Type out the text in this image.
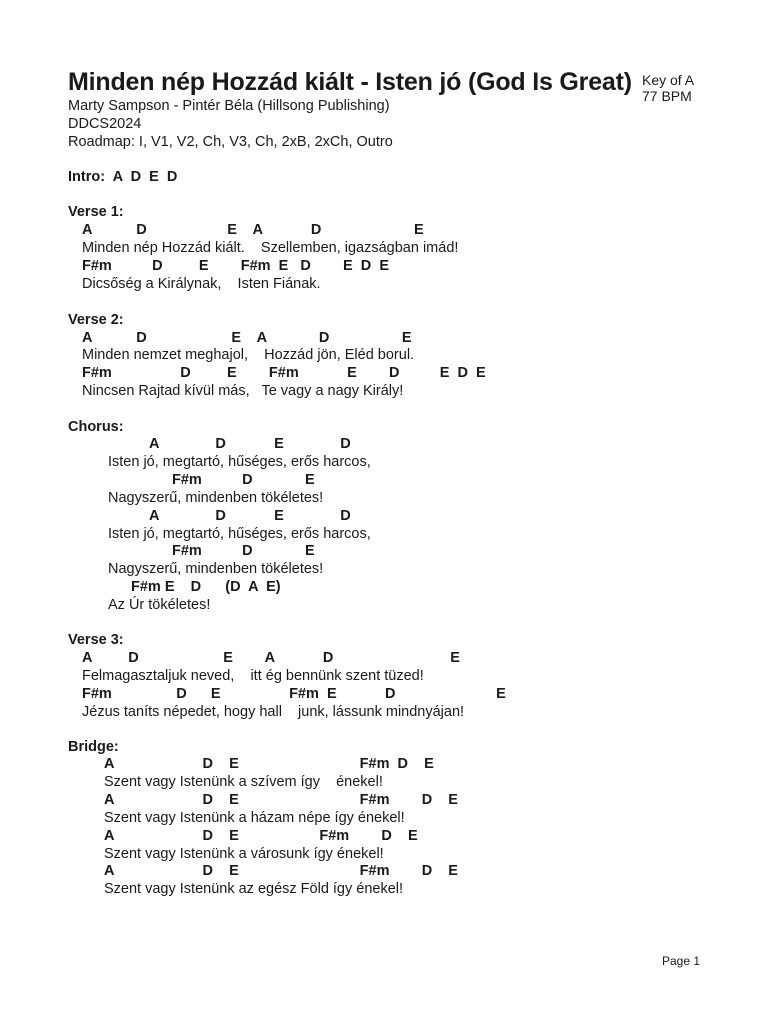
Minden nép Hozzád kiált - Isten jó (God Is Great) Key of A
77 BPM
Marty Sampson - Pintér Béla (Hillsong Publishing)
DDCS2024
Roadmap: I, V1, V2, Ch, V3, Ch, 2xB, 2xCh, Outro
Intro: A  D  E  D
Verse 1:
A           D                    E    A            D                       E
Minden nép Hozzád kiált.    Szellemben, igazságban imád!
F#m          D         E        F#m  E   D        E  D  E
Dicsőség a Királynak,    Isten Fiának.
Verse 2:
A           D                     E    A             D                  E
Minden nemzet meghajol,    Hozzád jön, Eléd borul.
F#m                 D         E        F#m            E        D          E  D  E
Nincsen Rajtad kívül más,   Te vagy a nagy Király!
Chorus:
A              D            E              D
Isten jó, megtartó, hűséges, erős harcos,
F#m          D             E
Nagyszerű, mindenben tökéletes!
A              D            E              D
Isten jó, megtartó, hűséges, erős harcos,
F#m          D             E
Nagyszerű, mindenben tökéletes!
F#m E    D      (D  A  E)
Az Úr tökéletes!
Verse 3:
A         D                     E        A            D                             E
Felmagasztaljuk neved,    itt ég bennünk szent tüzed!
F#m                D      E                 F#m  E            D                         E
Jézus taníts népedet, hogy hall    junk, lássunk mindnyájan!
Bridge:
A                      D    E                              F#m  D    E
Szent vagy Istenünk a szívem így    énekel!
A                      D    E                              F#m        D    E
Szent vagy Istenünk a házam népe így énekel!
A                      D    E                    F#m        D    E
Szent vagy Istenünk a városunk így énekel!
A                      D    E                              F#m        D    E
Szent vagy Istenünk az egész Föld így énekel!
Page 1
